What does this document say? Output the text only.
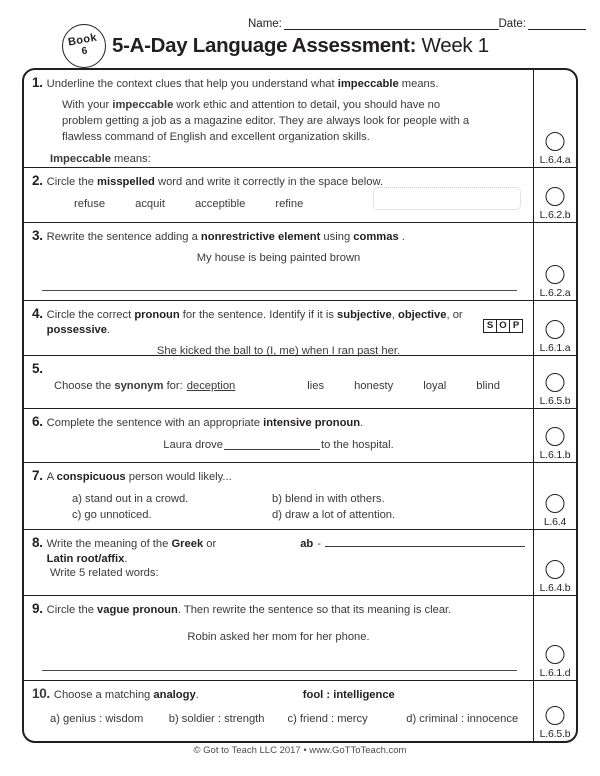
Book
6	5-A-Day Language Assessment: Week 1
Name:	Date:
1. Underline the context clues that help you understand what impeccable means.
With your impeccable work ethic and attention to detail, you should have no problem getting a job as a magazine editor. They are always look for people with a flawless command of English and excellent organization skills.
Impeccable means:	L.6.4.a
2. Circle the misspelled word and write it correctly in the space below.
refuse	acquit	acceptible	refine
L.6.2.b
3. Rewrite the sentence adding a nonrestrictive element using commas .
My house is being painted brown
L.6.2.a
4. Circle the correct pronoun for the sentence. Identify if it is subjective, objective, or possessive.	S O P
She kicked the ball to (I, me) when I ran past her.	L.6.1.a
5.
Choose the synonym for: deception	lies	honesty	loyal	blind
L.6.5.b
6. Complete the sentence with an appropriate intensive pronoun.
Laura drove	to the hospital.
L.6.1.b
7. A conspicuous person would likely...
a) stand out in a crowd.	b) blend in with others.
c) go unnoticed.	d) draw a lot of attention.
L.6.4
8. Write the meaning of the Greek or Latin root/affix.
ab -
Write 5 related words:
L.6.4.b
9. Circle the vague pronoun. Then rewrite the sentence so that its meaning is clear.
Robin asked her mom for her phone.
L.6.1.d
10. Choose a matching analogy.	fool : intelligence
a) genius : wisdom	b) soldier : strength	c) friend : mercy	d) criminal : innocence
L.6.5.b
© Got to Teach LLC 2017 • www.GoTToTeach.com
